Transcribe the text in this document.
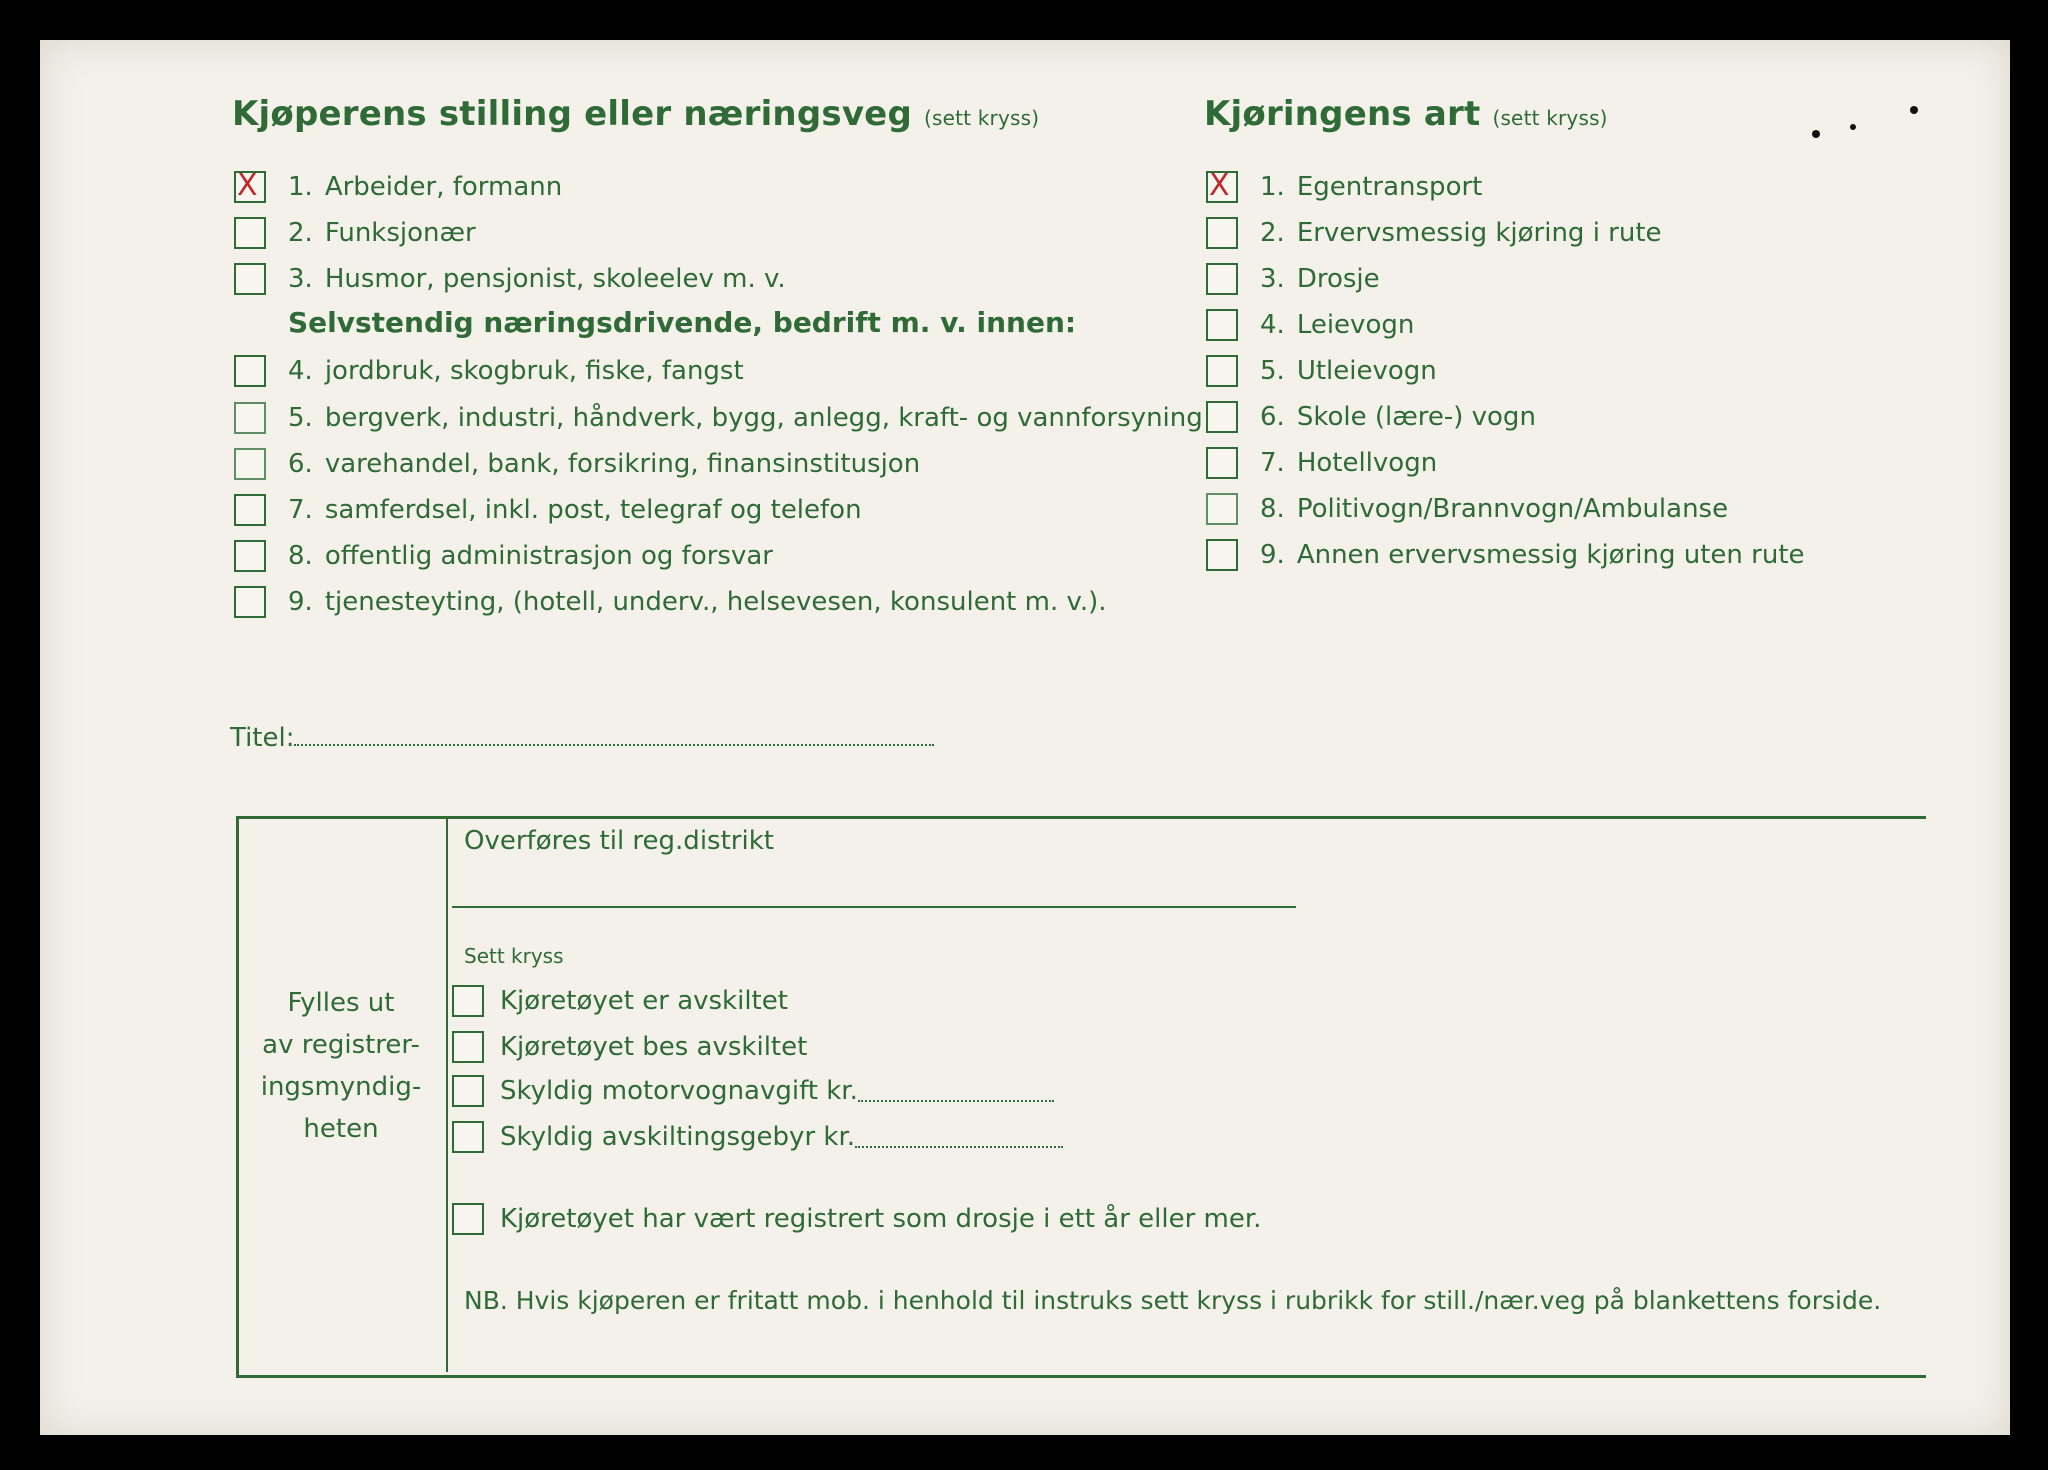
Kjøperens stilling eller næringsveg (sett kryss)	Kjøringens art (sett kryss)
X 1. Arbeider, formann
2. Funksjonær
3. Husmor, pensjonist, skoleelev m. v.
Selvstendig næringsdrivende, bedrift m. v. innen:
4. jordbruk, skogbruk, fiske, fangst
5. bergverk, industri, håndverk, bygg, anlegg, kraft- og vannforsyning
6. varehandel, bank, forsikring, finansinstitusjon
7. samferdsel, inkl. post, telegraf og telefon
8. offentlig administrasjon og forsvar
9. tjenesteyting, (hotell, underv., helsevesen, konsulent m. v.).
Titel:
X 1. Egentransport
2. Ervervsmessig kjøring i rute
3. Drosje
4. Leievogn
5. Utleievogn
6. Skole (lære-) vogn
7. Hotellvogn
8. Politivogn/Brannvogn/Ambulanse
9. Annen ervervsmessig kjøring uten rute
Fylles ut
av registrer-
ingsmyndig-
heten
Overføres til reg.distrikt
Sett kryss
Kjøretøyet er avskiltet
Kjøretøyet bes avskiltet
Skyldig motorvognavgift kr.
Skyldig avskiltingsgebyr kr.
Kjøretøyet har vært registrert som drosje i ett år eller mer.
NB. Hvis kjøperen er fritatt mob. i henhold til instruks sett kryss i rubrikk for still./nær.veg på blankettens forside.
